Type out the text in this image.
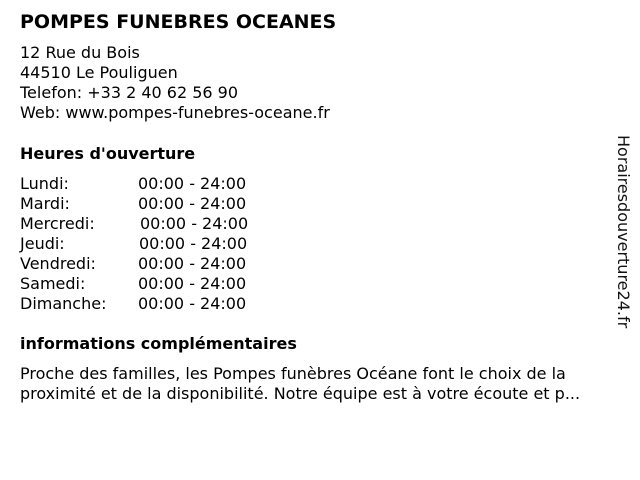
POMPES FUNEBRES OCEANES
12 Rue du Bois
44510 Le Pouliguen
Telefon: +33 2 40 62 56 90
Web: www.pompes-funebres-oceane.fr
Heures d'ouverture
Lundi:	00:00 - 24:00
Mardi:	00:00 - 24:00
Mercredi:	00:00 - 24:00
Jeudi:	00:00 - 24:00
Vendredi:	00:00 - 24:00
Samedi:	00:00 - 24:00
Dimanche: 00:00 - 24:00
informations complémentaires
Proche des familles, les Pompes funèbres Océane font le choix de la
proximité et de la disponibilité. Notre équipe est à votre écoute et p...
Horairesdouverture24.fr
